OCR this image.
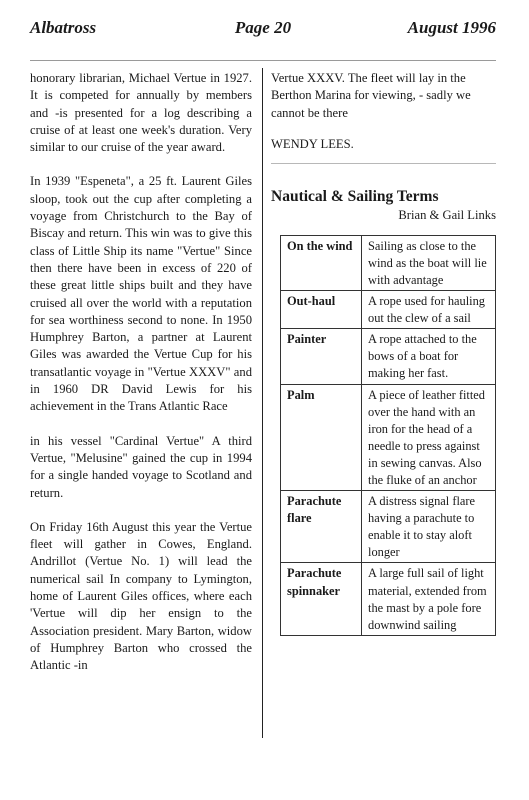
Albatross	Page 20	August 1996

honorary librarian, Michael Vertue in 1927. It is competed for annually by members and -is presented for a log describing a cruise of at least one week's duration. Very similar to our cruise of the year award.

In 1939 "Espeneta", a 25 ft. Laurent Giles sloop, took out the cup after completing a voyage from Christchurch to the Bay of Biscay and return. This win was to give this class of Little Ship its name "Vertue" Since then there have been in excess of 220 of these great little ships built and they have cruised all over the world with a reputation for sea worthiness second to none. In 1950 Humphrey Barton, a partner at Laurent Giles was awarded the Vertue Cup for his transatlantic voyage in "Vertue XXXV" and in 1960 DR David Lewis for his achievement in the Trans Atlantic Race

in his vessel "Cardinal Vertue" A third Vertue, "Melusine" gained the cup in 1994 for a single handed voyage to Scotland and return.

On Friday 16th August this year the Vertue fleet will gather in Cowes, England. Andrillot (Vertue No. 1) will lead the numerical sail In company to Lymington, home of Laurent Giles offices, where each 'Vertue will dip her ensign to the Association president. Mary Barton, widow of Humphrey Barton who crossed the Atlantic -in

Vertue XXXV. The fleet will lay in the Berthon Marina for viewing, - sadly we cannot be there

WENDY LEES.

Nautical & Sailing Terms
Brian & Gail Links
On the wind	Sailing as close to the wind as the boat will lie with advantage
Out-haul	A rope used for hauling out the clew of a sail
Painter	A rope attached to the bows of a boat for making her fast.
Palm	A piece of leather fitted over the hand with an iron for the head of a needle to press against in sewing canvas. Also the fluke of an anchor
Parachute flare	A distress signal flare having a parachute to enable it to stay aloft longer
Parachute spinnaker	A large full sail of light material, extended from the mast by a pole fore downwind sailing
